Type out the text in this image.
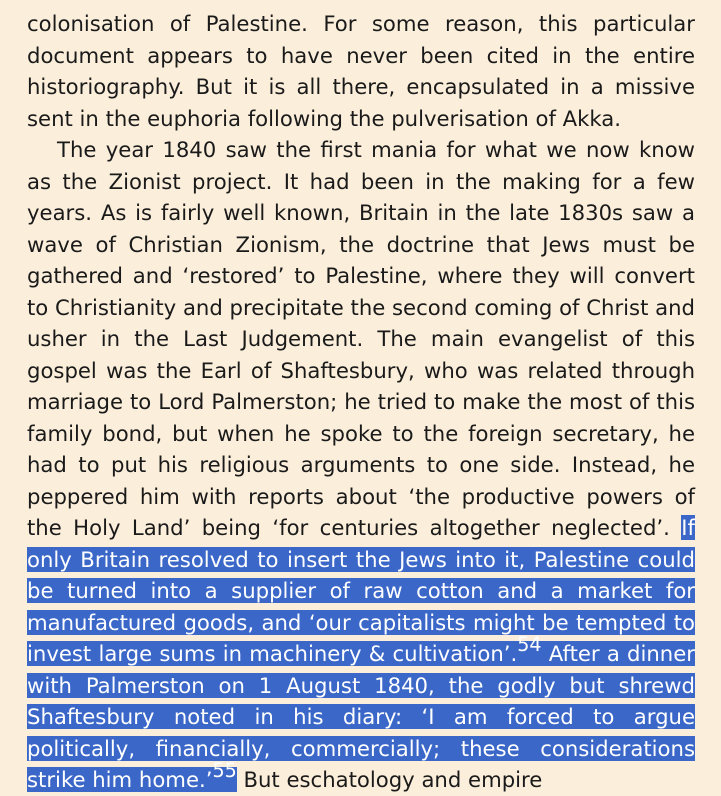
colonisation of Palestine. For some reason, this particular document appears to have never been cited in the entire historiography. But it is all there, encapsulated in a missive sent in the euphoria following the pulverisation of Akka.

The year 1840 saw the first mania for what we now know as the Zionist project. It had been in the making for a few years. As is fairly well known, Britain in the late 1830s saw a wave of Christian Zionism, the doctrine that Jews must be gathered and ‘restored’ to Palestine, where they will convert to Christianity and precipitate the second coming of Christ and usher in the Last Judgement. The main evangelist of this gospel was the Earl of Shaftesbury, who was related through marriage to Lord Palmerston; he tried to make the most of this family bond, but when he spoke to the foreign secretary, he had to put his religious arguments to one side. Instead, he peppered him with reports about ‘the productive powers of the Holy Land’ being ‘for centuries altogether neglected’. If only Britain resolved to insert the Jews into it, Palestine could be turned into a supplier of raw cotton and a market for manufactured goods, and ‘our capitalists might be tempted to invest large sums in machinery & cultivation’.$^{54}$ After a dinner with Palmerston on 1 August 1840, the godly but shrewd Shaftesbury noted in his diary: ‘I am forced to argue politically, financially, commercially; these considerations strike him home.’$^{55}$ But eschatology and empire
